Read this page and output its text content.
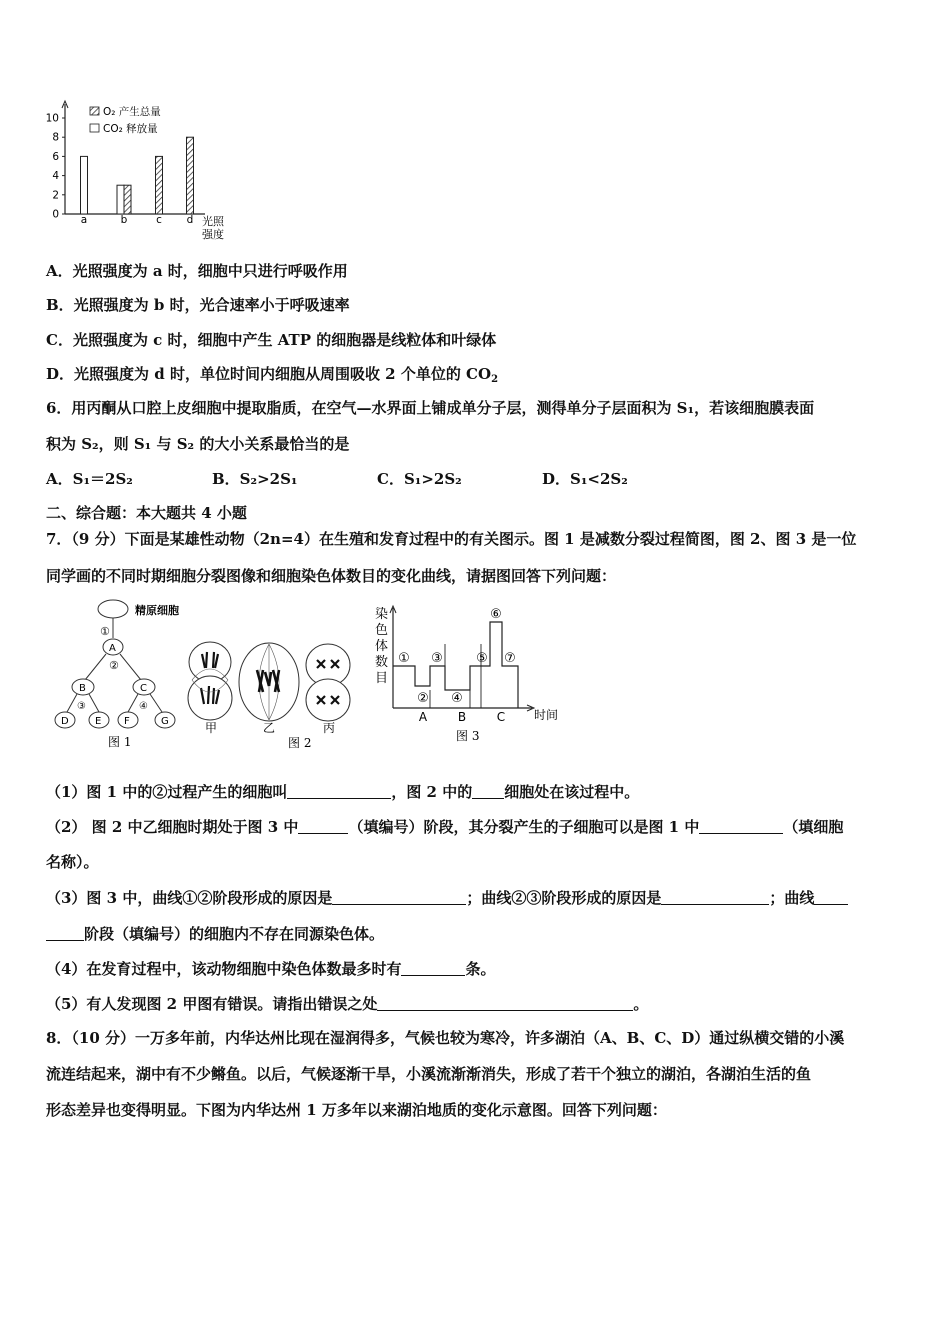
0
2
4
6
8
10
a	b	c d 光照
强度
O₂ 产生总量
CO₂ 释放量
A．光照强度为 a 时，细胞中只进行呼吸作用
B．光照强度为 b 时，光合速率小于呼吸速率
C．光照强度为 c 时，细胞中产生 ATP 的细胞器是线粒体和叶绿体
D．光照强度为 d 时，单位时间内细胞从周围吸收 2 个单位的 $CO_2$
6．用丙酮从口腔上皮细胞中提取脂质，在空气—水界面上铺成单分子层，测得单分子层面积为 S₁，若该细胞膜表面
积为 S₂，则 S₁ 与 S₂ 的大小关系最恰当的是
A．S₁＝2S₂	B．S₂>2S₁	C．S₁>2S₂	D．S₁<2S₂
二、综合题：本大题共 4 小题
7．（9 分）下面是某雄性动物（2n=4）在生殖和发育过程中的有关图示。图 1 是减数分裂过程简图，图 2、图 3 是一位
同学画的不同时期细胞分裂图像和细胞染色体数目的变化曲线，请据图回答下列问题：
精原细胞
①
A
②
B	C
③	④
D	E F	G
图 1
甲	乙	丙
图 2
染
色
体
数
目
时间
①
②
③
④
⑤
⑥
⑦
A	B	C
图 3
（1）图 1 中的②过程产生的细胞叫	，图 2 中的 细胞处在该过程中。
（2） 图 2 中乙细胞时期处于图 3 中	（填编号）阶段，其分裂产生的子细胞可以是图 1 中	（填细胞
名称）。
（3）图 3 中，曲线①②阶段形成的原因是	；曲线②③阶段形成的原因是	；曲线
阶段（填编号）的细胞内不存在同源染色体。
（4）在发育过程中，该动物细胞中染色体数最多时有	条。
（5）有人发现图 2 甲图有错误。请指出错误之处	。
8．（10 分）一万多年前，内华达州比现在湿润得多，气候也较为寒冷，许多湖泊（A、B、C、D）通过纵横交错的小溪
流连结起来，湖中有不少鳉鱼。以后，气候逐渐干旱，小溪流渐渐消失，形成了若干个独立的湖泊，各湖泊生活的鱼
形态差异也变得明显。下图为内华达州 1 万多年以来湖泊地质的变化示意图。回答下列问题：
